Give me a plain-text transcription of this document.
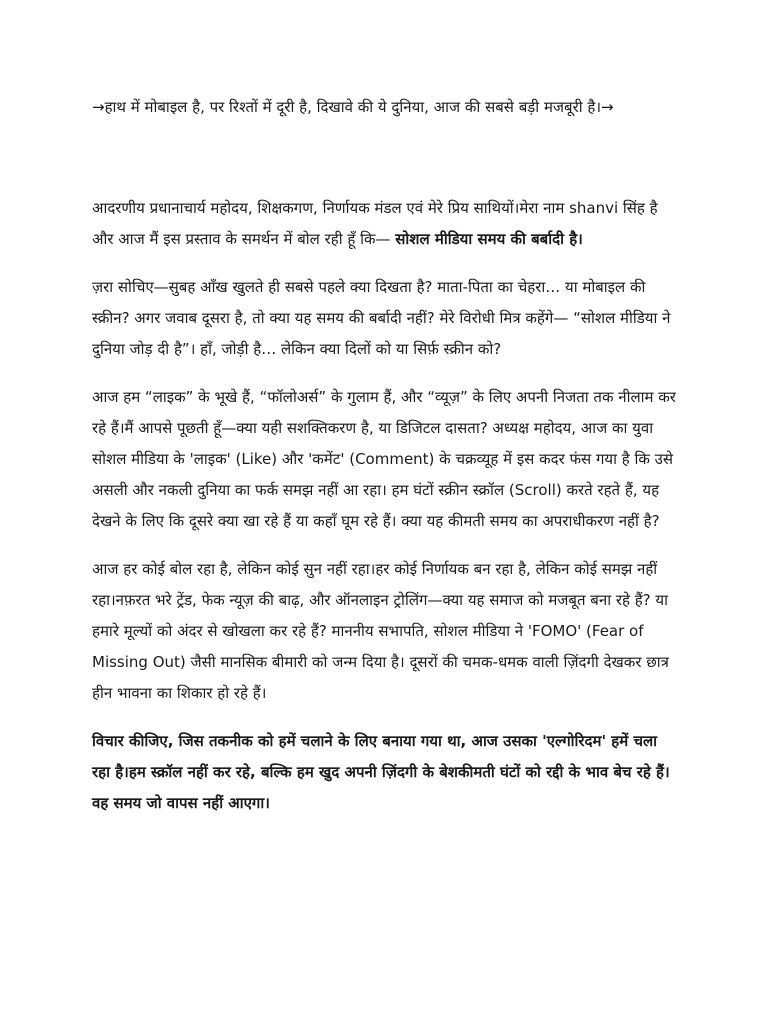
→हाथ में मोबाइल है, पर रिश्तों में दूरी है, दिखावे की ये दुनिया, आज की सबसे बड़ी मजबूरी है।→

आदरणीय प्रधानाचार्य महोदय, शिक्षकगण, निर्णायक मंडल एवं मेरे प्रिय साथियों।मेरा नाम shanvi सिंह है और आज मैं इस प्रस्ताव के समर्थन में बोल रही हूँ कि— सोशल मीडिया समय की बर्बादी है।

ज़रा सोचिए—सुबह आँख खुलते ही सबसे पहले क्या दिखता है? माता-पिता का चेहरा… या मोबाइल की स्क्रीन? अगर जवाब दूसरा है, तो क्या यह समय की बर्बादी नहीं? मेरे विरोधी मित्र कहेंगे— “सोशल मीडिया ने दुनिया जोड़ दी है”। हाँ, जोड़ी है… लेकिन क्या दिलों को या सिर्फ़ स्क्रीन को?

आज हम “लाइक” के भूखे हैं, “फॉलोअर्स” के गुलाम हैं, और “व्यूज़” के लिए अपनी निजता तक नीलाम कर रहे हैं।मैं आपसे पूछती हूँ—क्या यही सशक्तिकरण है, या डिजिटल दासता? अध्यक्ष महोदय, आज का युवा सोशल मीडिया के 'लाइक' (Like) और 'कमेंट' (Comment) के चक्रव्यूह में इस कदर फंस गया है कि उसे असली और नकली दुनिया का फर्क समझ नहीं आ रहा। हम घंटों स्क्रीन स्क्रॉल (Scroll) करते रहते हैं, यह देखने के लिए कि दूसरे क्या खा रहे हैं या कहाँ घूम रहे हैं। क्या यह कीमती समय का अपराधीकरण नहीं है?

आज हर कोई बोल रहा है, लेकिन कोई सुन नहीं रहा।हर कोई निर्णायक बन रहा है, लेकिन कोई समझ नहीं रहा।नफ़रत भरे ट्रेंड, फेक न्यूज़ की बाढ़, और ऑनलाइन ट्रोलिंग—क्या यह समाज को मजबूत बना रहे हैं? या हमारे मूल्यों को अंदर से खोखला कर रहे हैं? माननीय सभापति, सोशल मीडिया ने 'FOMO' (Fear of Missing Out) जैसी मानसिक बीमारी को जन्म दिया है। दूसरों की चमक-धमक वाली ज़िंदगी देखकर छात्र हीन भावना का शिकार हो रहे हैं।

विचार कीजिए, जिस तकनीक को हमें चलाने के लिए बनाया गया था, आज उसका 'एल्गोरिदम' हमें चला रहा है।हम स्क्रॉल नहीं कर रहे, बल्कि हम खुद अपनी ज़िंदगी के बेशकीमती घंटों को रद्दी के भाव बेच रहे हैं।वह समय जो वापस नहीं आएगा।
